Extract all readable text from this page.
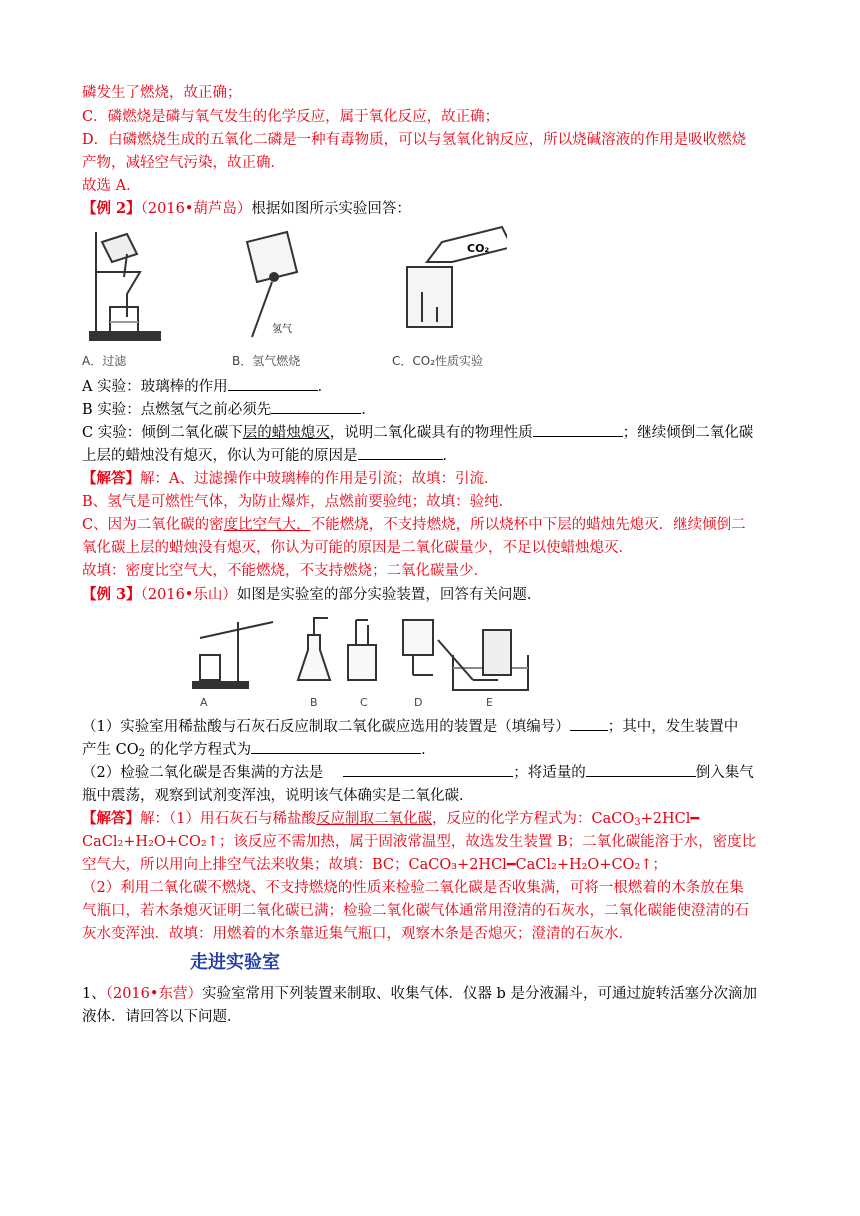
磷发生了燃烧，故正确；
C．磷燃烧是磷与氧气发生的化学反应，属于氧化反应，故正确；
D．白磷燃烧生成的五氧化二磷是一种有毒物质，可以与氢氧化钠反应，所以烧碱溶液的作用是吸收燃烧
产物，减轻空气污染，故正确．
故选 A．
【例 2】（2016•葫芦岛）根据如图所示实验回答：
氢气
CO₂
A．过滤	B．氢气燃烧	C．CO₂性质实验
A 实验：玻璃棒的作用	．
B 实验：点燃氢气之前必须先	．
C 实验：倾倒二氧化碳下层的蜡烛熄灭，说明二氧化碳具有的物理性质	；继续倾倒二氧化碳
上层的蜡烛没有熄灭，你认为可能的原因是	．
【解答】解：A、过滤操作中玻璃棒的作用是引流；故填：引流．
B、氢气是可燃性气体，为防止爆炸，点燃前要验纯；故填：验纯．
C、因为二氧化碳的密度比空气大，不能燃烧，不支持燃烧，所以烧杯中下层的蜡烛先熄灭．继续倾倒二
氧化碳上层的蜡烛没有熄灭，你认为可能的原因是二氧化碳量少，不足以使蜡烛熄灭．
故填：密度比空气大，不能燃烧，不支持燃烧；二氧化碳量少．
【例 3】（2016•乐山）如图是实验室的部分实验装置，回答有关问题．
A	B	C	D	E
（1）实验室用稀盐酸与石灰石反应制取二氧化碳应选用的装置是（填编号）	；其中，发生装置中
产生 $CO_2$ 的化学方程式为	．
（2）检验二氧化碳是否集满的方法是	；将适量的	倒入集气
瓶中震荡，观察到试剂变浑浊，说明该气体确实是二氧化碳．
【解答】解：（1）用石灰石与稀盐酸反应制取二氧化碳，反应的化学方程式为：CaCO$_3$+2HCl━
CaCl₂+H₂O+CO₂↑；该反应不需加热，属于固液常温型，故选发生装置 B；二氧化碳能溶于水，密度比
空气大，所以用向上排空气法来收集；故填：BC；CaCO₃+2HCl━CaCl₂+H₂O+CO₂↑；
（2）利用二氧化碳不燃烧、不支持燃烧的性质来检验二氧化碳是否收集满，可将一根燃着的木条放在集
气瓶口，若木条熄灭证明二氧化碳已满；检验二氧化碳气体通常用澄清的石灰水，二氧化碳能使澄清的石
灰水变浑浊．故填：用燃着的木条靠近集气瓶口，观察木条是否熄灭；澄清的石灰水．
走进实验室
1、（2016•东营）实验室常用下列装置来制取、收集气体．仪器 b 是分液漏斗，可通过旋转活塞分次滴加
液体．请回答以下问题．
